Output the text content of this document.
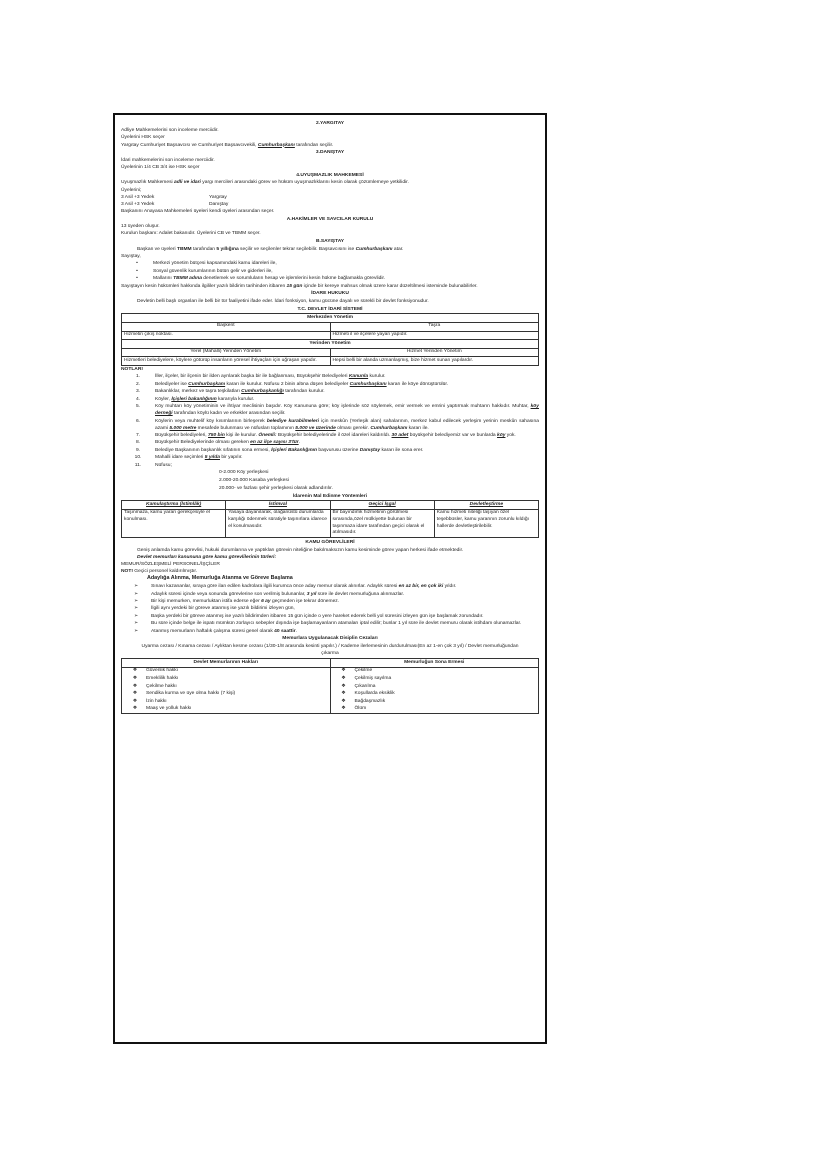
2.YARGITAY

Adliye Mahkemelerini son inceleme merciidir.

Üyelerini HSK seçer

Yargıtay Cumhuriyet Başsavcısı ve Cumhuriyet Başsavcıvekili, Cumhurbaşkanı tarafından seçilir.

3.DANIŞTAY

İdari mahkemelerini son inceleme merciidir.

Üyelerinin 1/4 CB 3/4 ise HSK seçer

4.UYUŞMAZLIK MAHKEMESİ

Uyuşmazlık Mahkemesi adli ve idari yargı mercileri arasındaki görev ve hüküm uyuşmazlıklarını kesin olarak çözümlemeye yetkilidir.

Üyelerini;

3 Asil +3 Yedek	Yargıtay
3 Asil +3 Yedek	Danıştay

Başkanını Anayasa Mahkemeleri üyeleri kendi üyeleri arasından seçer.

A.HAKİMLER VE SAVCILAR KURULU

13 üyeden oluşur.

Kurulun başkanı: Adalet bakanıdır. Üyelerini CB ve TBMM seçer.

B.SAYIŞTAY

Başkan ve üyeleri TBMM tarafından 5 yıllığına seçilir ve seçilenler tekrar seçilebilir. Başsavcısını ise Cumhurbaşkanı atar.

Sayıştay,

•	Merkezi yönetim bütçesi kapsamındaki kamu idareleri ile,
•	Sosyal güvenlik kurumlarının bütün gelir ve giderleri ile,
•	Mallarını TBMM adına denetlemek ve sorumluların hesap ve işlemlerini kesin hükme bağlamakla görevlidir.

Sayıştayın kesin hükümleri hakkında ilgililer yazılı bildirim tarihinden itibaren 15 gün içinde bir kereye mahsus olmak üzere karar düzeltilmesi isteminde bulunabilirler.

İDARE HUKUKU

Devletin belli başlı organları ile belli bir tür faaliyetini ifade eder. İdari fonksiyon, kamu gücüne dayalı ve sürekli bir devlet fonksiyonudur.

T.C. DEVLET İDARİ SİSTEMİ
Merkezden Yönetim	
Başkent	Taşra
Hizmetin çıkış noktası.	Hizmeti il ve ilçelere yayan yapıdır.
Yerinden Yönetim	
Yerel (Mahalli) Yerinden Yönetim	Hizmet Yerinden Yönetim
Hizmetleri belediyelere, köylere götürüp insanların yöresel ihtiyaçları için uğraşan yapıdır.	Hepsi belli bir alanda uzmanlaşmış, bize hizmet sunan yapılardır.

NOTLAR!

1.	İller, ilçeler, bir ilçenin bir ilden ayrılarak başka bir ile bağlanması, Büyükşehir Belediyeleri Kanunla kurulur.
2.	Belediyeler ise Cumhurbaşkanı kararı ile kurulur. Nüfusu 2 binin altına düşen belediyeler Cumhurbaşkanı kararı ile köye dönüştürülür.
3.	Bakanlıklar, merkez ve taşra teşkilatları Cumhurbaşkanlığı tarafından kurulur.
4.	Köyler, İçişleri bakanlığının kararıyla kurulur.
5.	Köy muhtarı köy yönetiminin ve ihtiyar meclisinin başıdır. Köy Kanununa göre; köy işlerinde söz söylemek, emir vermek ve emrini yaptırmak muhtarın hakkıdır. Muhtar, köy derneği tarafından köylü kadın ve erkekler arasından seçilir.
6.	Köylerin veya muhtelif köy kısımlarının birleşerek belediye kurabilmeleri için meskûn (Yerleşik alan) sahalarının, merkez kabul edilecek yerleşim yerinin meskûn sahasına azami 5.000 metre mesafede bulunması ve nüfusları toplamının 5.000 ve üzerinde olması gerekir. Cumhurbaşkanı kararı ile.
7.	Büyükşehir belediyeleri, 750 bin kişi ile kurulur. Önemli: Büyükşehir belediyelerinde il özel idareleri kaldırıldı. 30 adet büyükşehir belediyemiz var ve bunlarda köy yok.
8.	Büyükşehir Belediyelerinde olması gereken en az ilçe sayısı 3'tür.
9.	Belediye Başkanının başkanlık sıfatının sona ermesi, İçişleri Bakanlığının başvurusu üzerine Danıştay kararı ile sona erer.
10.	Mahalli idare seçimleri 5 yılda bir yapılır.
11.	Nüfusu;

0-2.000 Köy yerleşkesi

2.000-20.000 Kasaba yerleşkesi

20.000- ve fazlası şehir yerleşkesi olarak adlandırılır.

İdarenin Mal Edinme Yöntemleri
Kamulaştırma (İstimlâk)	İstimval	Geçici İşgal	Devletleştirme
Taşınmaza, kamu yararı gerekçesiyle el konulması.	Yasaya dayanılarak, olağanüstü durumlarda karşılığı ödenmek süratiyle taşınırlara idarece el konulmasıdır.	Bir bayındırlık hizmetinin görülmesi sırasında,özel mülkiyette bulunan bir taşınmaza idare tarafından geçici olarak el atılmasıdır.	Kamu hizmeti niteliği taşıyan özel teşebbüsler, kamu yararının zorunlu kıldığı hallerde devletleştirilebilir.
KAMU GÖREVLİLERİ

Geniş anlamda kamu görevlisi, hukuki durumlarına ve yaptıkları görevin niteliğine bakılmaksızın kamu kesiminde görev yapan herkesi ifade etmektedir.

Devlet memurları kanununa göre kamu görevlilerinin türleri:

MEMUR/SÖZLEŞMELİ PERSONEL/İŞÇİLER

NOT! Geçici personel kaldırılmıştır.

Adaylığa Alınma, Memurluğa Atanma ve Göreve Başlama

➢	Sınavı kazananlar, sıraya göre ilan edilen kadrolara ilgili kurumca önce aday memur olarak alınırlar. Adaylık süresi en az bir, en çok iki yıldır.
➢	Adaylık süresi içinde veya sonunda görevlerine son verilmiş bulunanlar, 3 yıl süre ile devlet memurluğuna alınmazlar.
➢	Bir kişi memurken, memurluktan istifa ederse eğer 6 ay geçmeden işe tekrar dönemez.
➢	İlgili aynı yerdeki bir göreve atanmış ise yazılı bildirimi izleyen gün,
➢	Başka yerdeki bir göreve atanmış ise yazılı bildirimden itibaren 15 gün içinde o yere hareket ederek belli yol süresini izleyen gün işe başlamak zorundadır.
➢	Bu süre içinde belge ile ispatı mümkün zorlayıcı sebepler dışında işe başlamayanların atamaları iptal edilir; bunlar 1 yıl süre ile devlet memuru olarak istihdam olunamazlar.
➢	Atanmış memurların haftalık çalışma süresi genel olarak 40 saattir.
Memurlara Uygulanacak Disiplin Cezaları

Uyarma cezası / Kınama cezası / Aylıktan kesme cezası (1/30-1/8 arasında kesinti yapılır.) / Kademe ilerlemesinin durdurulması(En az 1-en çok 3 yıl) / Devlet memurluğundan çıkarma

Devlet Memurlarının Hakları	Memurluğun Sona Ermesi
❖ Güvenlik hakkı	❖ Çekilme
❖ Emeklilik hakkı	❖ Çekilmiş sayılma
❖ Çekilme hakkı	❖ Çıkarılma
❖ Sendika kurma ve üye olma hakkı (7 kişi)	❖ Koşullarda eksiklik
❖ İzin hakkı	❖ Bağdaşmazlık
❖ Maaş ve yolluk hakkı	❖ Ölüm
